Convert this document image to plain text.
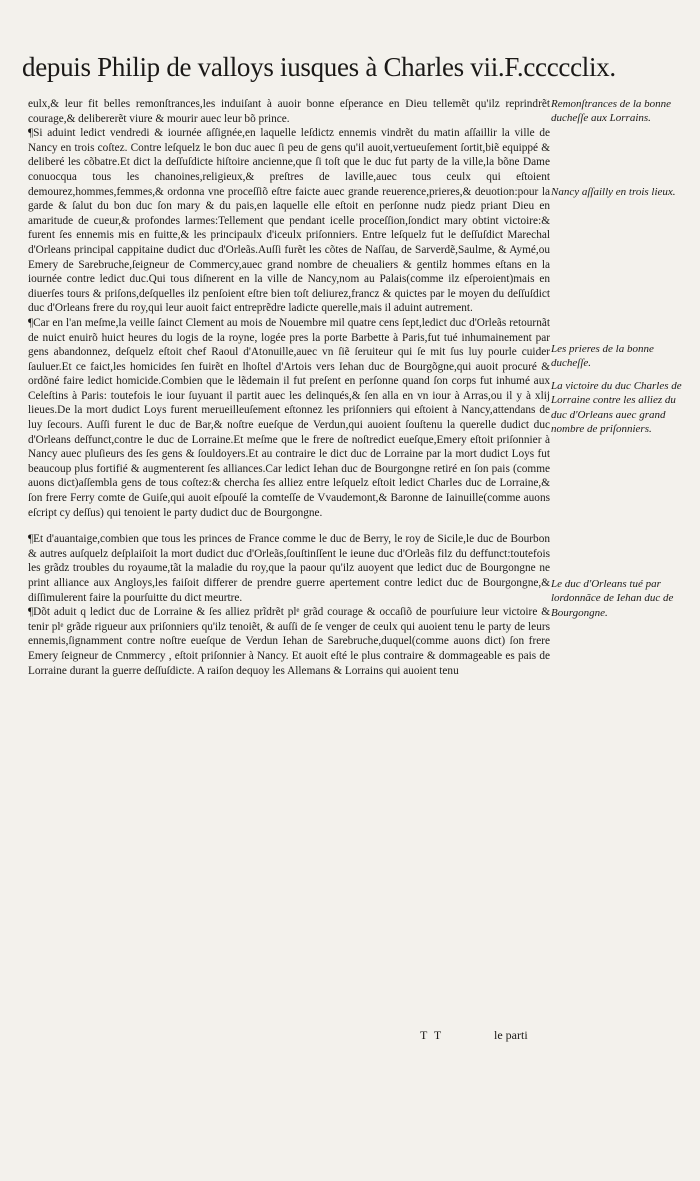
depuis Philip de valloys iusques à Charles vii.F.ccccclix.

eulx,& leur fit belles remonſtrances,les induiſant à auoir bonne eſperance en Dieu tellemẽt qu'ilz reprindrẽt courage,& delibererẽt viure & mourir auec leur bõ prince.

¶Si aduint ledict vendredi & iournée aſſignée,en laquelle leſdictz ennemis vindrẽt du matin aſſaillir la ville de Nancy en trois coſtez. Contre leſquelz le bon duc auec ſi peu de gens qu'il auoit,vertueuſement ſortit,biẽ equippé & deliberé les cõbatre.Et dict la deſſuſdicte hiſtoire ancienne,que ſi toſt que le duc fut party de la ville,la bõne Dame conuocqua tous les chanoines,religieux,& preſtres de laville,auec tous ceulx qui eſtoient demourez,hommes,femmes,& ordonna vne proceſſiõ eſtre faicte auec grande reuerence,prieres,& deuotion:pour la garde & ſalut du bon duc ſon mary & du pais,en laquelle elle eſtoit en perſonne nudz piedz priant Dieu en amaritude de cueur,& profondes larmes:Tellement que pendant icelle proceſſion,ſondict mary obtint victoire:& furent ſes ennemis mis en fuitte,& les principaulx d'iceulx priſonniers. Entre leſquelz fut le deſſuſdict Marechal d'Orleans principal cappitaine dudict duc d'Orleãs.Auſſi furẽt les cõtes de Naſſau, de Sarverdẽ,Saulme, & Aymé,ou Emery de Sarebruche,ſeigneur de Commercy,auec grand nombre de cheualiers & gentilz hommes eſtans en la iournée contre ledict duc.Qui tous diſnerent en la ville de Nancy,nom au Palais(comme ilz eſperoient)mais en diuerſes tours & priſons,deſquelles ilz penſoient eſtre bien toſt deliurez,francz & quictes par le moyen du deſſuſdict duc d'Orleans frere du roy,qui leur auoit faict entreprẽdre ladicte querelle,mais il aduint autrement.

¶Car en l'an meſme,la veille ſainct Clement au mois de Nouembre mil quatre cens ſept,ledict duc d'Orleãs retournãt de nuict enuirõ huict heures du logis de la royne, logée pres la porte Barbette à Paris,fut tué inhumainement par gens abandonnez, deſquelz eſtoit chef Raoul d'Atonuille,auec vn ſiẽ ſeruiteur qui ſe mit ſus luy pourle cuider ſauluer.Et ce faict,les homicides ſen fuirẽt en lhoſtel d'Artois vers Iehan duc de Bourgõgne,qui auoit procuré & ordõné faire ledict homicide.Combien que le lẽdemain il fut preſent en perſonne quand ſon corps fut inhumé aux Celeſtins à Paris: toutefois le iour ſuyuant il partit auec les delinqués,& ſen alla en vn iour à Arras,ou il y à xlij lieues.De la mort dudict Loys furent merueilleuſement eſtonnez les priſonniers qui eſtoient à Nancy,attendans de luy ſecours. Auſſi furent le duc de Bar,& noſtre eueſque de Verdun,qui auoient ſouſtenu la querelle dudict duc d'Orleans deſfunct,contre le duc de Lorraine.Et meſme que le frere de noſtredict eueſque,Emery eſtoit priſonnier à Nancy auec pluſieurs des ſes gens & ſouldoyers.Et au contraire le dict duc de Lorraine par la mort dudict Loys fut beaucoup plus fortifié & augmenterent ſes alliances.Car ledict Iehan duc de Bourgongne retiré en ſon pais (comme auons dict)aſſembla gens de tous coſtez:& chercha ſes alliez entre leſquelz eſtoit ledict Charles duc de Lorraine,& ſon frere Ferry comte de Guiſe,qui auoit eſpouſé la comteſſe de Vvaudemont,& Baronne de Iainuille(comme auons eſcript cy deſſus) qui tenoient le party dudict duc de Bourgongne.

¶Et d'auantaige,combien que tous les princes de France comme le duc de Berry, le roy de Sicile,le duc de Bourbon & autres auſquelz deſplaiſoit la mort dudict duc d'Orleãs,ſouſtinſſent le ieune duc d'Orleãs filz du deffunct:toutefois les grãdz troubles du royaume,tãt la maladie du roy,que la paour qu'ilz auoyent que ledict duc de Bourgongne ne print alliance aux Angloys,les faiſoit differer de prendre guerre apertement contre ledict duc de Bourgongne,& diſſimulerent faire la pourſuitte du dict meurtre.

¶Dõt aduit q ledict duc de Lorraine & ſes alliez prĩdrẽt plᵉ grãd courage & occaſiõ de pourſuiure leur victoire & tenir plᵉ grãde rigueur aux priſonniers qu'ilz tenoiẽt, & auſſi de ſe venger de ceulx qui auoient tenu le party de leurs ennemis,ſignamment contre noſtre eueſque de Verdun Iehan de Sarebruche,duquel(comme auons dict) ſon frere Emery ſeigneur de Cnmmercy , eſtoit priſonnier à Nancy. Et auoit eſté le plus contraire & dommageable es pais de Lorraine durant la guerre deſſuſdicte. A raiſon dequoy les Allemans & Lorrains qui auoient tenu

Remonſtrances de la bonne ducheſſe aux Lorrains.
Nancy aſſailly en trois lieux.
Les prieres de la bonne ducheſſe.
La victoire du duc Charles de Lorraine contre les alliez du duc d'Orleans auec grand nombre de priſonniers.
Le duc d'Orleans tué par lordonnãce de Iehan duc de Bourgongne.
T T	le parti
